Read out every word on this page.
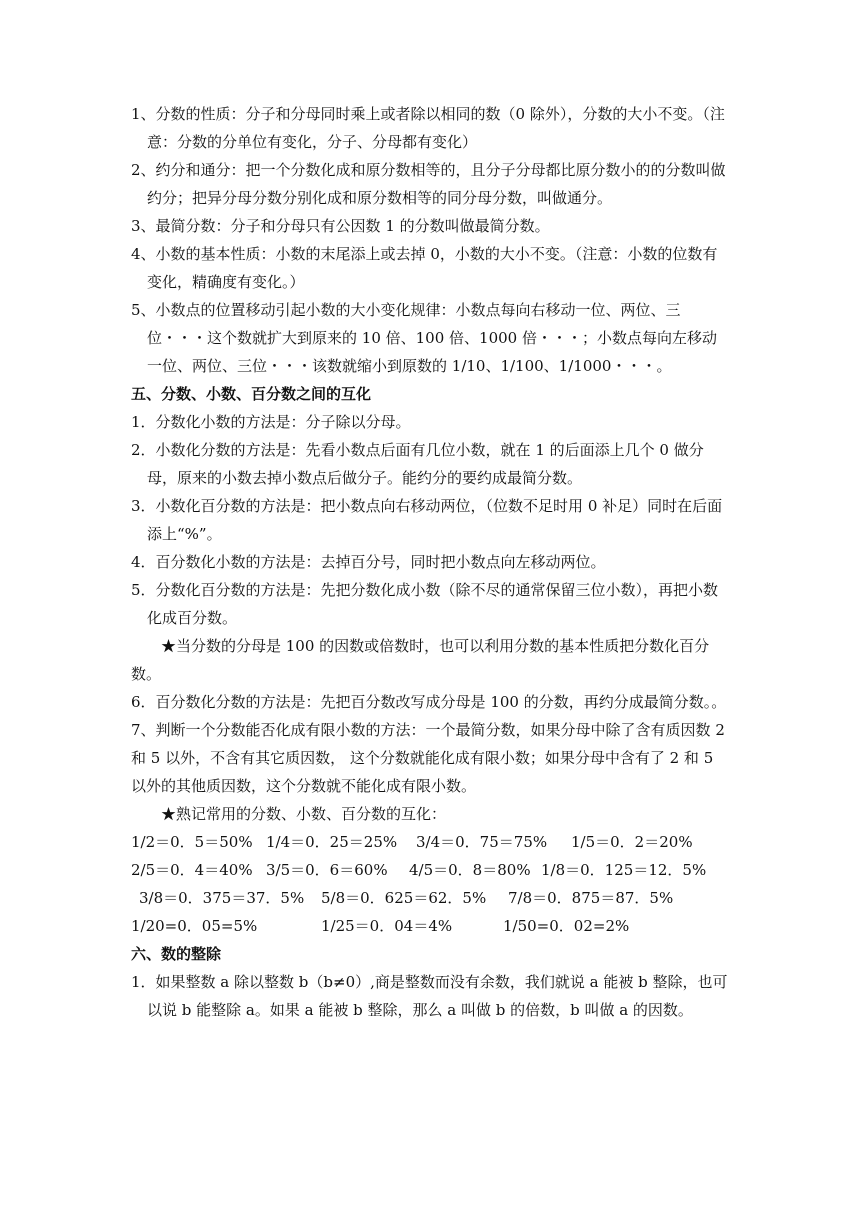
1、分数的性质：分子和分母同时乘上或者除以相同的数（0 除外），分数的大小不变。（注意：分数的分单位有变化，分子、分母都有变化）

2、约分和通分：把一个分数化成和原分数相等的，且分子分母都比原分数小的的分数叫做约分；把异分母分数分别化成和原分数相等的同分母分数，叫做通分。

3、最简分数：分子和分母只有公因数 1 的分数叫做最简分数。

4、小数的基本性质：小数的末尾添上或去掉 0，小数的大小不变。（注意：小数的位数有变化，精确度有变化。）

5、小数点的位置移动引起小数的大小变化规律：小数点每向右移动一位、两位、三位・・・这个数就扩大到原来的 10 倍、100 倍、1000 倍・・・；小数点每向左移动一位、两位、三位・・・该数就缩小到原数的 1/10、1/100、1/1000・・・。

五、分数、小数、百分数之间的互化

1．分数化小数的方法是：分子除以分母。

2．小数化分数的方法是：先看小数点后面有几位小数，就在 1 的后面添上几个 0 做分母，原来的小数去掉小数点后做分子。能约分的要约成最简分数。

3．小数化百分数的方法是：把小数点向右移动两位，（位数不足时用 0 补足）同时在后面添上“%”。

4．百分数化小数的方法是：去掉百分号，同时把小数点向左移动两位。

5．分数化百分数的方法是：先把分数化成小数（除不尽的通常保留三位小数），再把小数化成百分数。

★当分数的分母是 100 的因数或倍数时，也可以利用分数的基本性质把分数化百分数。

6．百分数化分数的方法是：先把百分数改写成分母是 100 的分数，再约分成最简分数。。

7、判断一个分数能否化成有限小数的方法：一个最简分数，如果分母中除了含有质因数 2 和 5 以外，不含有其它质因数， 这个分数就能化成有限小数；如果分母中含有了 2 和 5 以外的其他质因数，这个分数就不能化成有限小数。

★熟记常用的分数、小数、百分数的互化：

1/2＝0．5＝50% 1/4＝0．25＝25% 3/4＝0．75＝75% 1/5＝0．2＝20%
2/5＝0．4＝40% 3/5＝0．6＝60% 4/5＝0．8＝80% 1/8＝0．125＝12．5%
3/8＝0．375＝37．5% 5/8＝0．625＝62．5% 7/8＝0．875＝87．5%
1/20=0．05=5%	1/25＝0．04＝4%	1/50=0．02=2%

六、数的整除

1．如果整数 a 除以整数 b（b≠0）,商是整数而没有余数，我们就说 a 能被 b 整除，也可以说 b 能整除 a。如果 a 能被 b 整除，那么 a 叫做 b 的倍数，b 叫做 a 的因数。
